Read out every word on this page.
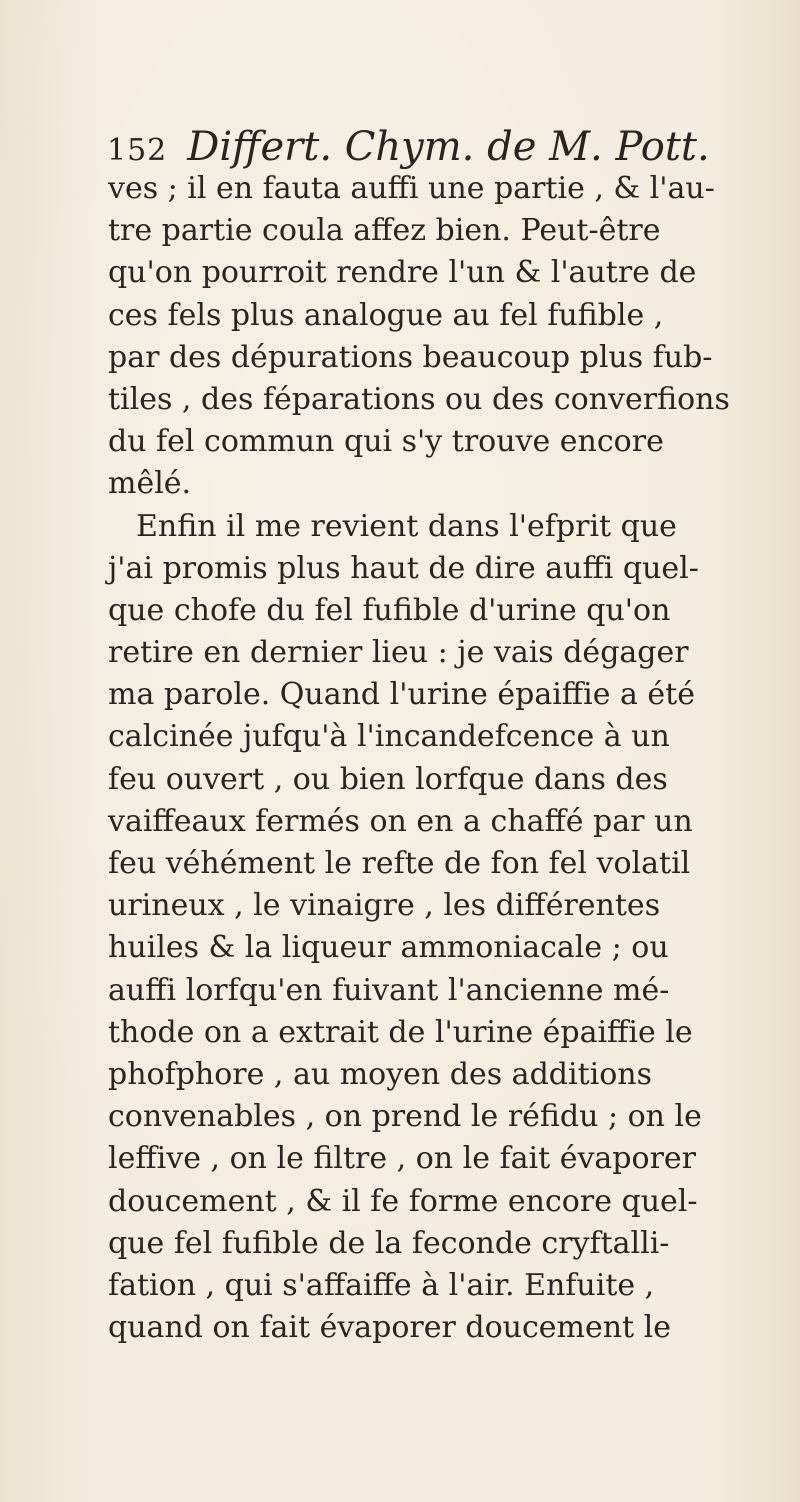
152 Differt. Chym. de M. Pott.
ves ; il en fauta auffi une partie , & l'au-
tre partie coula affez bien. Peut-être
qu'on pourroit rendre l'un & l'autre de
ces fels plus analogue au fel fufible ,
par des dépurations beaucoup plus fub-
tiles , des féparations ou des converfions
du fel commun qui s'y trouve encore
mêlé.
Enfin il me revient dans l'efprit que
j'ai promis plus haut de dire auffi quel-
que chofe du fel fufible d'urine qu'on
retire en dernier lieu : je vais dégager
ma parole. Quand l'urine épaiffie a été
calcinée jufqu'à l'incandefcence à un
feu ouvert , ou bien lorfque dans des
vaiffeaux fermés on en a chaffé par un
feu véhément le refte de fon fel volatil
urineux , le vinaigre , les différentes
huiles & la liqueur ammoniacale ; ou
auffi lorfqu'en fuivant l'ancienne mé-
thode on a extrait de l'urine épaiffie le
phofphore , au moyen des additions
convenables , on prend le réfidu ; on le
leffive , on le filtre , on le fait évaporer
doucement , & il fe forme encore quel-
que fel fufible de la feconde cryftalli-
fation , qui s'affaiffe à l'air. Enfuite ,
quand on fait évaporer doucement le
